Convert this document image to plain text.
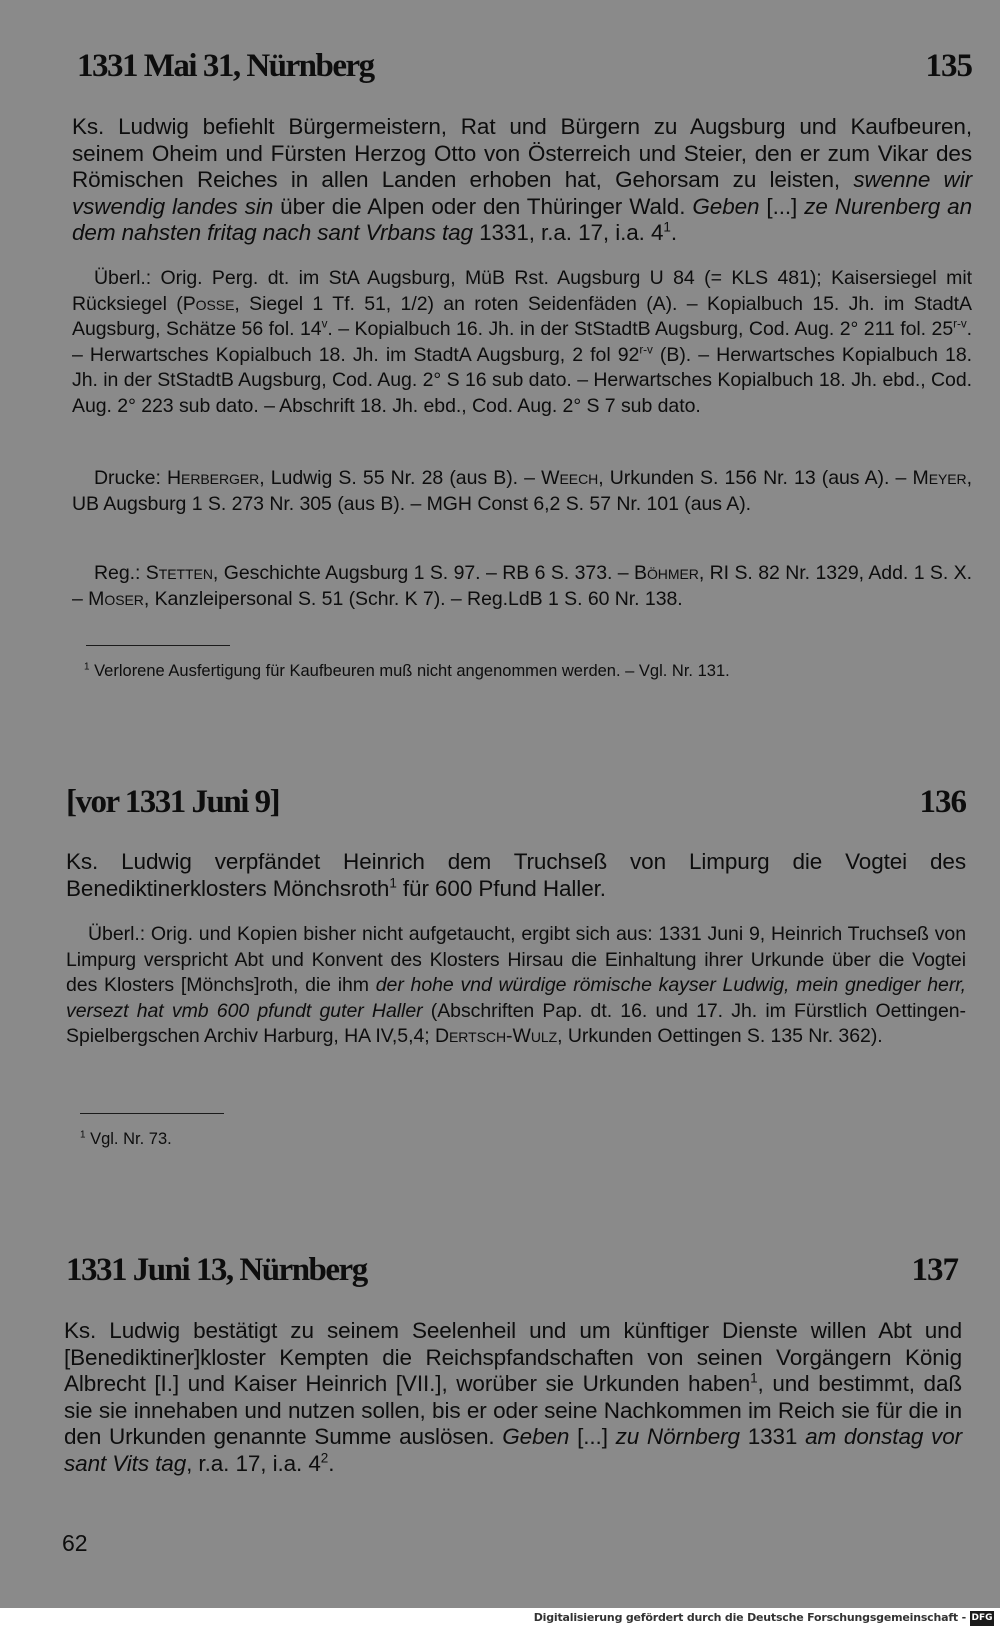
1331 Mai 31, Nürnberg	135
Ks. Ludwig befiehlt Bürgermeistern, Rat und Bürgern zu Augsburg und Kaufbeuren, seinem Oheim und Fürsten Herzog Otto von Österreich und Steier, den er zum Vikar des Römischen Reiches in allen Landen erhoben hat, Gehorsam zu leisten, swenne wir vswendig landes sin über die Alpen oder den Thüringer Wald. Geben [...] ze Nurenberg an dem nahsten fritag nach sant Vrbans tag 1331, r.a. 17, i.a. $4^1$.
Überl.: Orig. Perg. dt. im StA Augsburg, MüB Rst. Augsburg U 84 (= KLS 481); Kaisersiegel mit Rücksiegel (Posse, Siegel 1 Tf. 51, 1/2) an roten Seidenfäden (A). – Kopialbuch 15. Jh. im StadtA Augsburg, Schätze 56 fol. 14$^v$. – Kopialbuch 16. Jh. in der StStadtB Augsburg, Cod. Aug. 2° 211 fol. 25$^{r-v}$. – Herwartsches Kopialbuch 18. Jh. im StadtA Augsburg, 2 fol 92$^{r-v}$ (B). – Herwartsches Kopialbuch 18. Jh. in der StStadtB Augsburg, Cod. Aug. 2° S 16 sub dato. – Herwartsches Kopialbuch 18. Jh. ebd., Cod. Aug. 2° 223 sub dato. – Abschrift 18. Jh. ebd., Cod. Aug. 2° S 7 sub dato.
Drucke: Herberger, Ludwig S. 55 Nr. 28 (aus B). – Weech, Urkunden S. 156 Nr. 13 (aus A). – Meyer, UB Augsburg 1 S. 273 Nr. 305 (aus B). – MGH Const 6,2 S. 57 Nr. 101 (aus A).
Reg.: Stetten, Geschichte Augsburg 1 S. 97. – RB 6 S. 373. – Böhmer, RI S. 82 Nr. 1329, Add. 1 S. X. – Moser, Kanzleipersonal S. 51 (Schr. K 7). – Reg.LdB 1 S. 60 Nr. 138.
$^1$ Verlorene Ausfertigung für Kaufbeuren muß nicht angenommen werden. – Vgl. Nr. 131.
[vor 1331 Juni 9]	136
Ks. Ludwig verpfändet Heinrich dem Truchseß von Limpurg die Vogtei des Benediktinerklosters Mönchsroth$^1$ für 600 Pfund Haller.
Überl.: Orig. und Kopien bisher nicht aufgetaucht, ergibt sich aus: 1331 Juni 9, Heinrich Truchseß von Limpurg verspricht Abt und Konvent des Klosters Hirsau die Einhaltung ihrer Urkunde über die Vogtei des Klosters [Mönchs]roth, die ihm der hohe vnd würdige römische kayser Ludwig, mein gnediger herr, versezt hat vmb 600 pfundt guter Haller (Abschriften Pap. dt. 16. und 17. Jh. im Fürstlich Oettingen-Spielbergschen Archiv Harburg, HA IV,5,4; Dertsch-Wulz, Urkunden Oettingen S. 135 Nr. 362).
$^1$ Vgl. Nr. 73.
1331 Juni 13, Nürnberg	137
Ks. Ludwig bestätigt zu seinem Seelenheil und um künftiger Dienste willen Abt und [Benediktiner]kloster Kempten die Reichspfandschaften von seinen Vorgängern König Albrecht [I.] und Kaiser Heinrich [VII.], worüber sie Urkunden haben$^1$, und bestimmt, daß sie sie innehaben und nutzen sollen, bis er oder seine Nachkommen im Reich sie für die in den Urkunden genannte Summe auslösen. Geben [...] zu Nörnberg 1331 am donstag vor sant Vits tag, r.a. 17, i.a. $4^2$.
62
Digitalisierung gefördert durch die Deutsche Forschungsgemeinschaft - DFG
